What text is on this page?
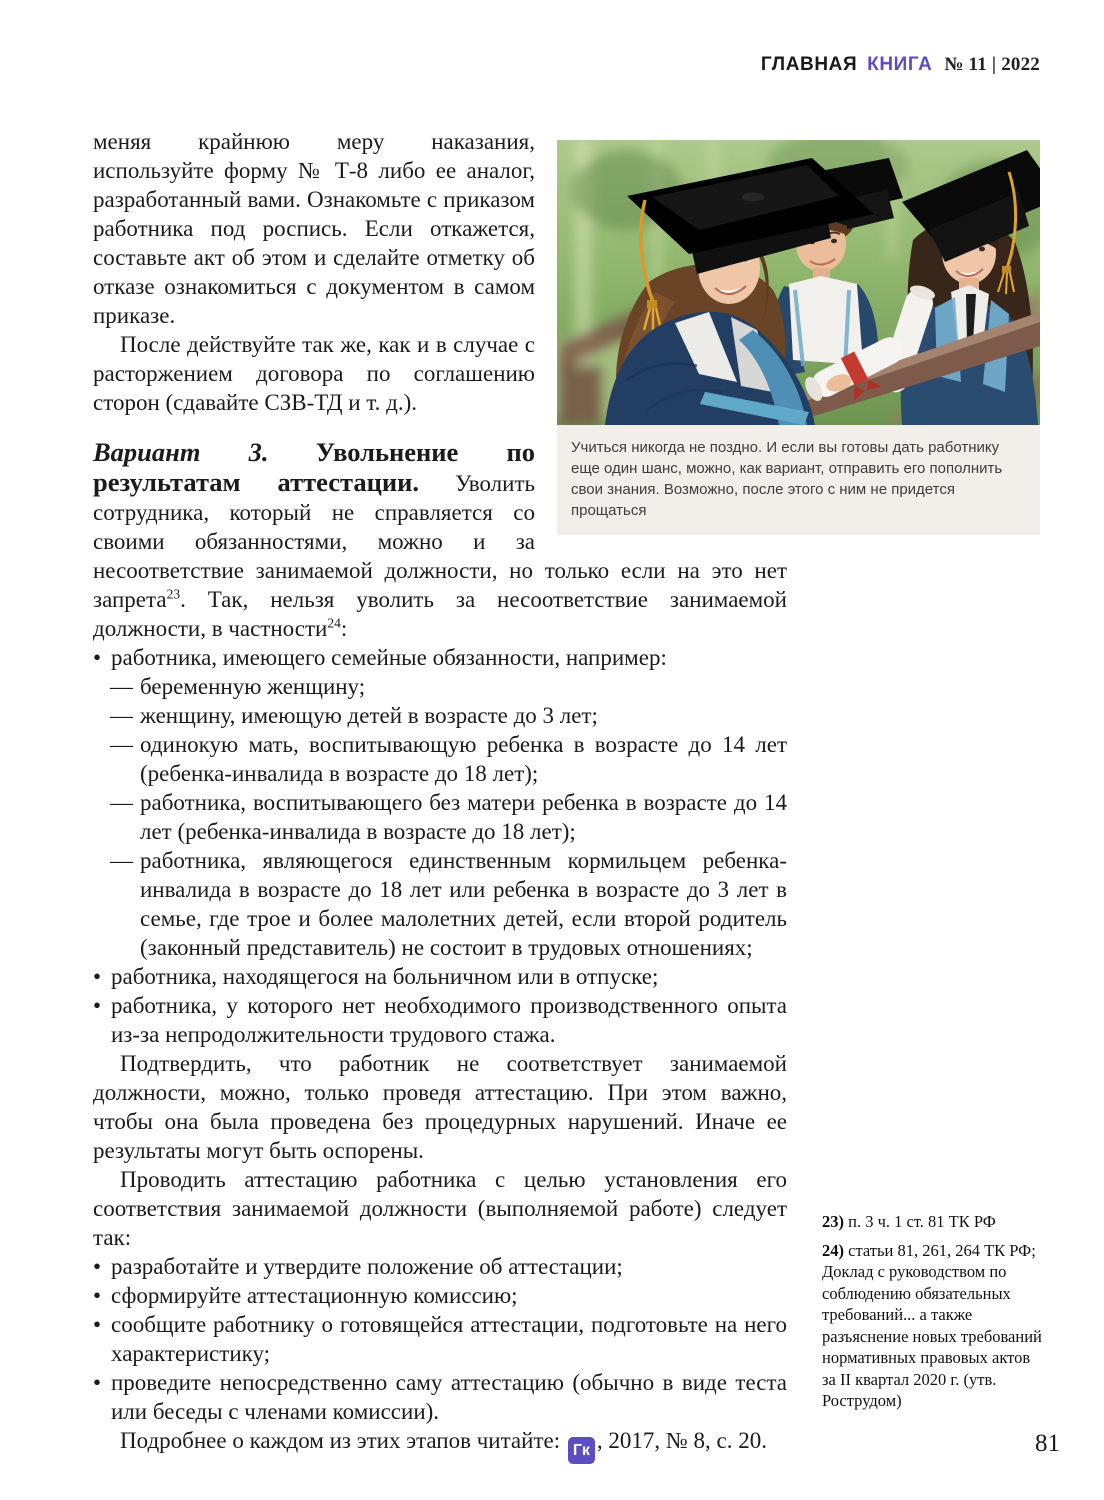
ГЛАВНАЯ КНИГА № 11 | 2022
Учиться никогда не поздно. И если вы готовы дать работнику еще один шанс, можно, как вариант, отправить его пополнить свои знания. Возможно, после этого с ним не придется прощаться

меняя крайнюю меру наказания, используйте форму № Т-8 либо ее аналог, разработанный вами. Ознакомьте с приказом работника под роспись. Если откажется, составьте акт об этом и сделайте отметку об отказе ознакомиться с документом в самом приказе.

После действуйте так же, как и в случае с расторжением договора по соглашению сторон (сдавайте СЗВ-ТД и т. д.).

Вариант 3. Увольнение по результатам аттестации. Уволить сотрудника, который не справляется со своими обязанностями, можно и за несоответствие занимаемой должности, но только если на это нет запрета$^{23}$. Так, нельзя уволить за несоответствие занимаемой должности, в частности$^{24}$:

• работника, имеющего семейные обязанности, например:
— беременную женщину;
— женщину, имеющую детей в возрасте до 3 лет;
— одинокую мать, воспитывающую ребенка в возрасте до 14 лет (ребенка-инвалида в возрасте до 18 лет);
— работника, воспитывающего без матери ребенка в возрасте до 14 лет (ребенка-инвалида в возрасте до 18 лет);
— работника, являющегося единственным кормильцем ребенка-инвалида в возрасте до 18 лет или ребенка в возрасте до 3 лет в семье, где трое и более малолетних детей, если второй родитель (законный представитель) не состоит в трудовых отношениях;
• работника, находящегося на больничном или в отпуске;
• работника, у которого нет необходимого производственного опыта из-за непродолжительности трудового стажа.

Подтвердить, что работник не соответствует занимаемой должности, можно, только проведя аттестацию. При этом важно, чтобы она была проведена без процедурных нарушений. Иначе ее результаты могут быть оспорены.

Проводить аттестацию работника с целью установления его соответствия занимаемой должности (выполняемой работе) следует так:

• разработайте и утвердите положение об аттестации;
• сформируйте аттестационную комиссию;
• сообщите работнику о готовящейся аттестации, подготовьте на него характеристику;
• проведите непосредственно саму аттестацию (обычно в виде теста или беседы с членами комиссии).

Подробнее о каждом из этих этапов читайте: Гк , 2017, № 8, с. 20.

23) п. 3 ч. 1 ст. 81 ТК РФ

24) статьи 81, 261, 264 ТК РФ; Доклад с руководством по соблюдению обязательных требований... а также разъяснение новых требований нормативных правовых актов за II квартал 2020 г. (утв. Рострудом)

81
